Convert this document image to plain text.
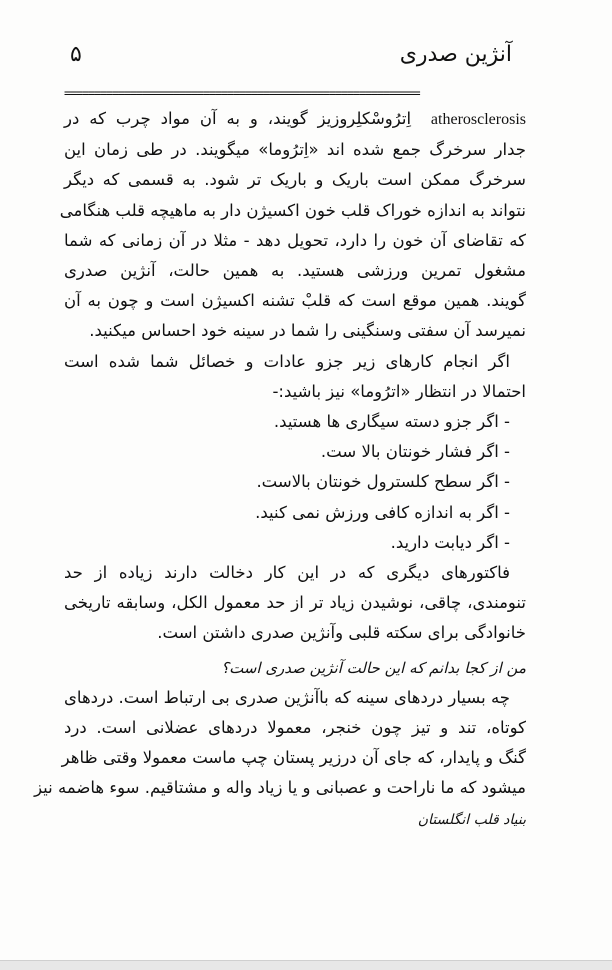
۵	آنژین صدری
===========================================================

atherosclerosis  اِترُوسْکلِروزیز گویند، و به آن مواد چرب که در
جدار سرخرگ جمع شده اند «اِترُوما» میگویند. در طی زمان این
سرخرگ ممکن است باریک و باریک تر شود. به قسمی که دیگر
نتواند به اندازه خوراک قلب خون اکسیژن دار به ماهیچه قلب هنگامی
که تقاضای آن خون را دارد، تحویل دهد - مثلا در آن زمانی که شما
مشغول تمرین ورزشی هستید. به همین حالت، آنژین صدری
گویند. همین موقع است که قلبْ تشنه اکسیژن است و چون به آن
نمیرسد آن سفتی وسنگینی را شما در سینه خود احساس میکنید.

اگر انجام کارهای زیر جزو عادات و خصائل شما شده است
احتمالا در انتظار «اترُوما» نیز باشید:-

- اگر جزو دسته سیگاری ها هستید.
- اگر فشار خونتان بالا ست.
- اگر سطح کلسترول خونتان بالاست.
- اگر به اندازه کافی ورزش نمی کنید.
- اگر دیابت دارید.

فاکتورهای دیگری که در این کار دخالت دارند زیاده از حد
تنومندی، چاقی، نوشیدن زیاد تر از حد معمول الکل، وسابقه تاریخی
خانوادگی برای سکته قلبی وآنژین صدری داشتن است.

من از کجا بدانم که این حالت آنژین صدری است؟

چه بسیار دردهای سینه که باآنژین صدری بی ارتباط است. دردهای
کوتاه، تند و تیز چون خنجر، معمولا دردهای عضلانی است. درد
گنگ و پایدار، که جای آن درزیر پستان چپ ماست معمولا وقتی ظاهر
میشود که ما ناراحت و عصبانی و یا زیاد واله و مشتاقیم. سوء هاضمه نیز

بنیاد قلب انگلستان
